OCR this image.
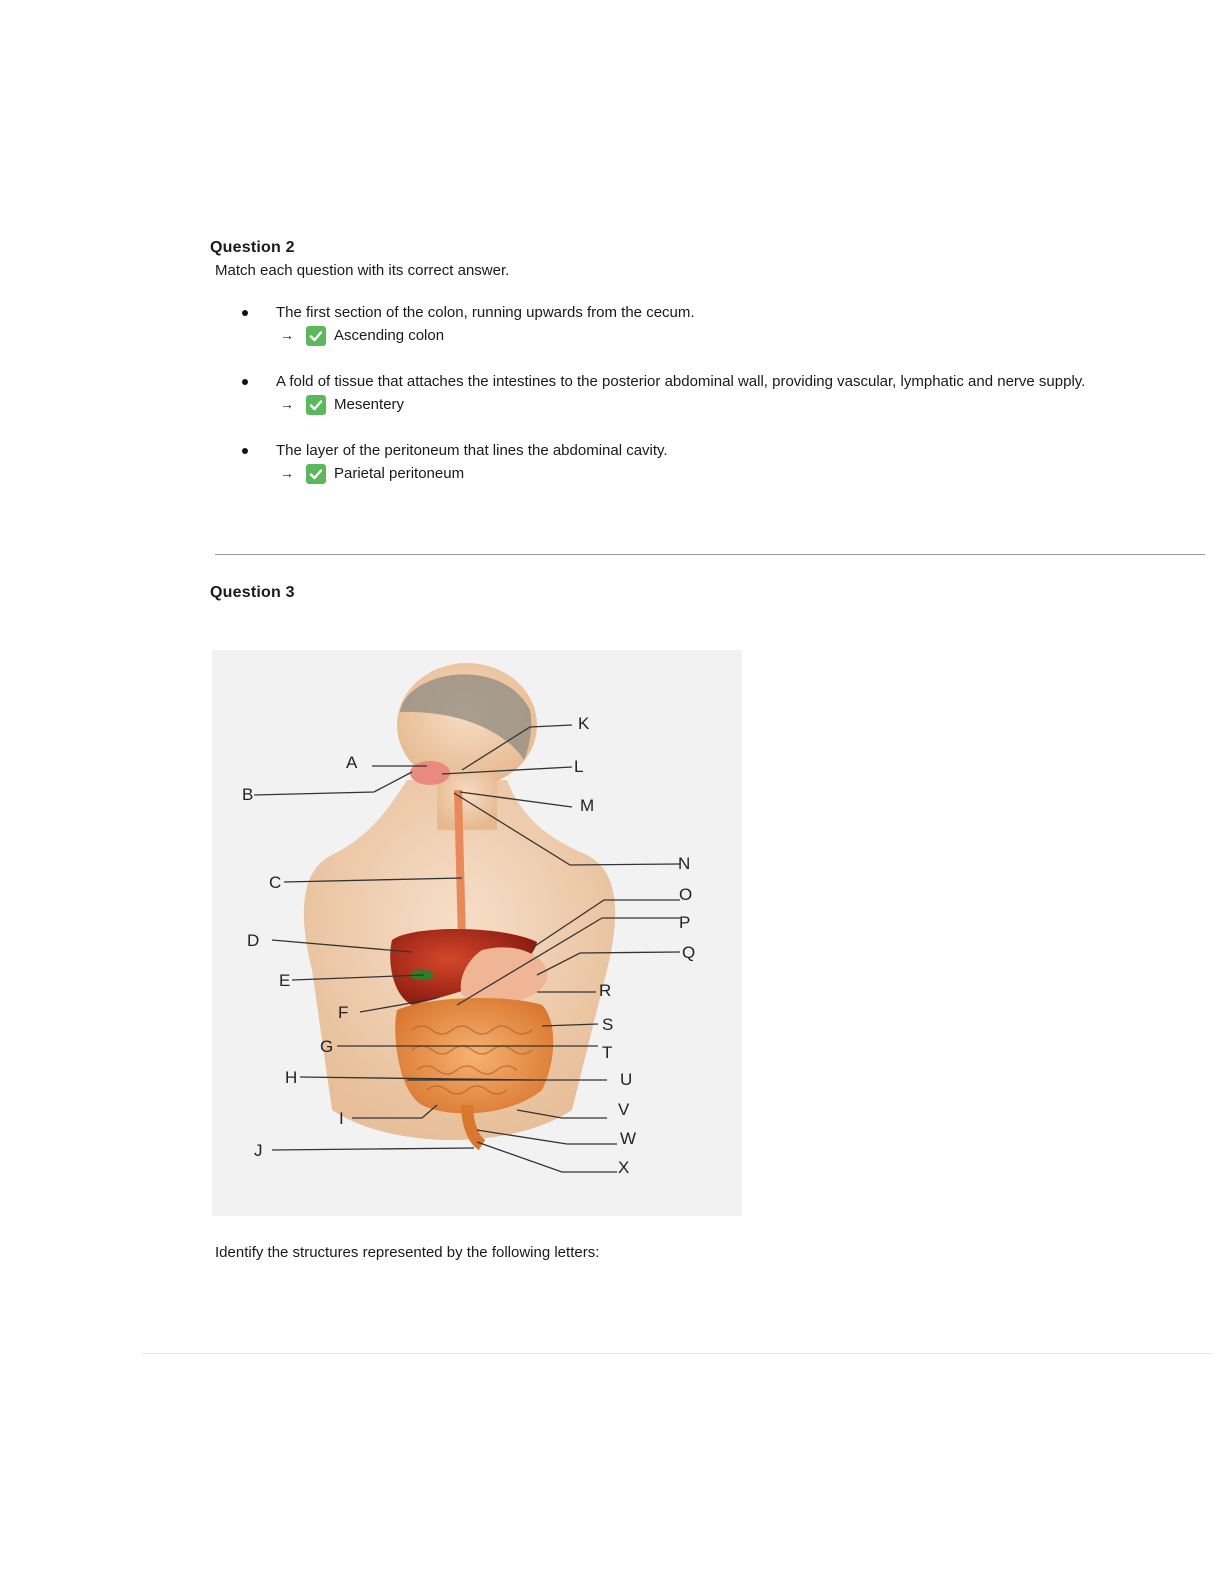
Question 2
Match each question with its correct answer.
The first section of the colon, running upwards from the cecum.
→	Ascending colon
A fold of tissue that attaches the intestines to the posterior abdominal wall, providing vascular, lymphatic and nerve supply.
→	Mesentery
The layer of the peritoneum that lines the abdominal cavity.
→	Parietal peritoneum
Question 3
A
B
C
D
E
F
G
H
I
J
K
L
M
N
O
P
Q
R
S
T
U
V
W
X
Identify the structures represented by the following letters:
